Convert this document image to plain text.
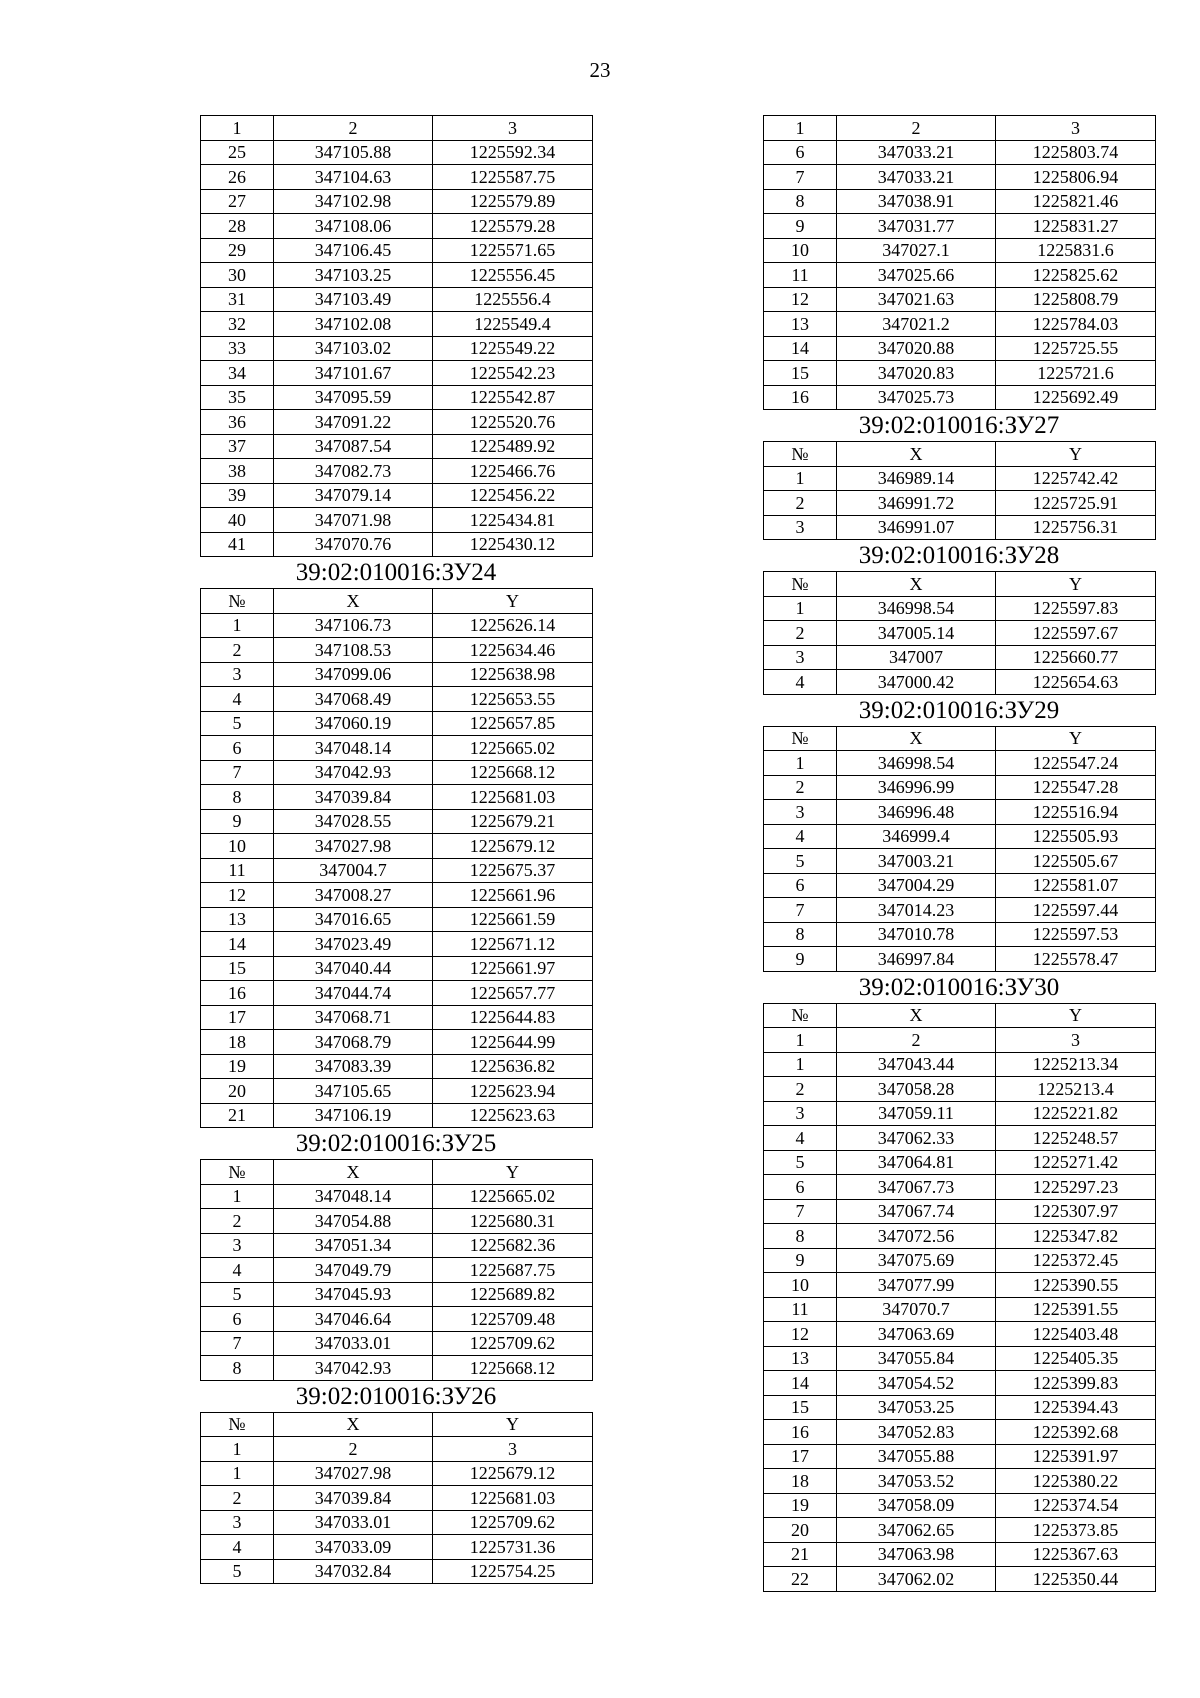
23
1	2	3
25	347105.88	1225592.34
26	347104.63	1225587.75
27	347102.98	1225579.89
28	347108.06	1225579.28
29	347106.45	1225571.65
30	347103.25	1225556.45
31	347103.49	1225556.4
32	347102.08	1225549.4
33	347103.02	1225549.22
34	347101.67	1225542.23
35	347095.59	1225542.87
36	347091.22	1225520.76
37	347087.54	1225489.92
38	347082.73	1225466.76
39	347079.14	1225456.22
40	347071.98	1225434.81
41	347070.76	1225430.12
39:02:010016:ЗУ24
№	X	Y
1	347106.73	1225626.14
2	347108.53	1225634.46
3	347099.06	1225638.98
4	347068.49	1225653.55
5	347060.19	1225657.85
6	347048.14	1225665.02
7	347042.93	1225668.12
8	347039.84	1225681.03
9	347028.55	1225679.21
10	347027.98	1225679.12
11	347004.7	1225675.37
12	347008.27	1225661.96
13	347016.65	1225661.59
14	347023.49	1225671.12
15	347040.44	1225661.97
16	347044.74	1225657.77
17	347068.71	1225644.83
18	347068.79	1225644.99
19	347083.39	1225636.82
20	347105.65	1225623.94
21	347106.19	1225623.63
39:02:010016:ЗУ25
№	X	Y
1	347048.14	1225665.02
2	347054.88	1225680.31
3	347051.34	1225682.36
4	347049.79	1225687.75
5	347045.93	1225689.82
6	347046.64	1225709.48
7	347033.01	1225709.62
8	347042.93	1225668.12
39:02:010016:ЗУ26
№	X	Y
1	2	3
1	347027.98	1225679.12
2	347039.84	1225681.03
3	347033.01	1225709.62
4	347033.09	1225731.36
5	347032.84	1225754.25
1	2	3
6	347033.21	1225803.74
7	347033.21	1225806.94
8	347038.91	1225821.46
9	347031.77	1225831.27
10	347027.1	1225831.6
11	347025.66	1225825.62
12	347021.63	1225808.79
13	347021.2	1225784.03
14	347020.88	1225725.55
15	347020.83	1225721.6
16	347025.73	1225692.49
39:02:010016:ЗУ27
№	X	Y
1	346989.14	1225742.42
2	346991.72	1225725.91
3	346991.07	1225756.31
39:02:010016:ЗУ28
№	X	Y
1	346998.54	1225597.83
2	347005.14	1225597.67
3	347007	1225660.77
4	347000.42	1225654.63
39:02:010016:ЗУ29
№	X	Y
1	346998.54	1225547.24
2	346996.99	1225547.28
3	346996.48	1225516.94
4	346999.4	1225505.93
5	347003.21	1225505.67
6	347004.29	1225581.07
7	347014.23	1225597.44
8	347010.78	1225597.53
9	346997.84	1225578.47
39:02:010016:ЗУ30
№	X	Y
1	2	3
1	347043.44	1225213.34
2	347058.28	1225213.4
3	347059.11	1225221.82
4	347062.33	1225248.57
5	347064.81	1225271.42
6	347067.73	1225297.23
7	347067.74	1225307.97
8	347072.56	1225347.82
9	347075.69	1225372.45
10	347077.99	1225390.55
11	347070.7	1225391.55
12	347063.69	1225403.48
13	347055.84	1225405.35
14	347054.52	1225399.83
15	347053.25	1225394.43
16	347052.83	1225392.68
17	347055.88	1225391.97
18	347053.52	1225380.22
19	347058.09	1225374.54
20	347062.65	1225373.85
21	347063.98	1225367.63
22	347062.02	1225350.44
